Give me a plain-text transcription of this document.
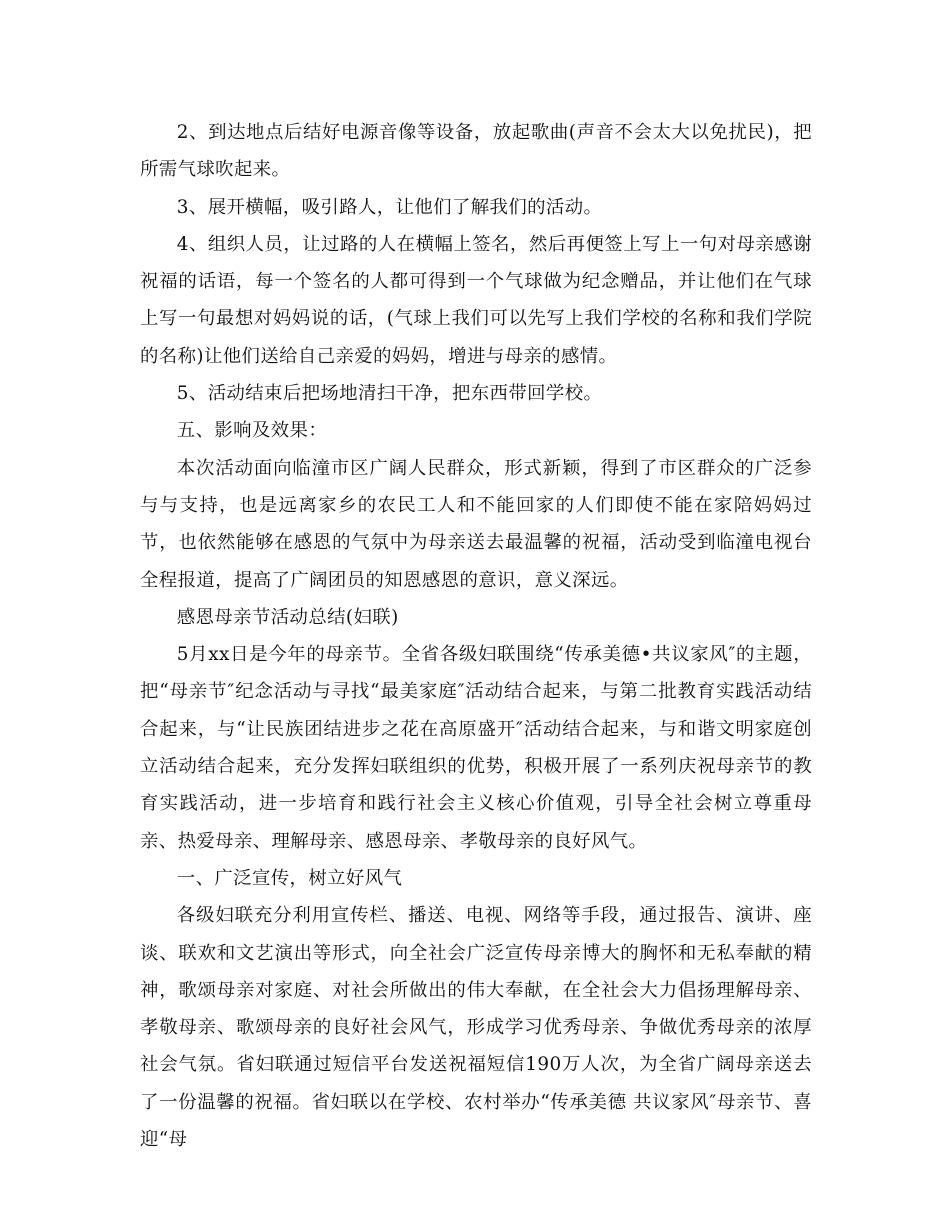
2、到达地点后结好电源音像等设备，放起歌曲(声音不会太大以免扰民)，把所需气球吹起来。

3、展开横幅，吸引路人，让他们了解我们的活动。

4、组织人员，让过路的人在横幅上签名，然后再便签上写上一句对母亲感谢祝福的话语，每一个签名的人都可得到一个气球做为纪念赠品，并让他们在气球上写一句最想对妈妈说的话，(气球上我们可以先写上我们学校的名称和我们学院的名称)让他们送给自己亲爱的妈妈，增进与母亲的感情。

5、活动结束后把场地清扫干净，把东西带回学校。

五、影响及效果：

本次活动面向临潼市区广阔人民群众，形式新颖，得到了市区群众的广泛参与与支持，也是远离家乡的农民工人和不能回家的人们即使不能在家陪妈妈过节，也依然能够在感恩的气氛中为母亲送去最温馨的祝福，活动受到临潼电视台全程报道，提高了广阔团员的知恩感恩的意识，意义深远。

感恩母亲节活动总结(妇联)

5月xx日是今年的母亲节。全省各级妇联围绕“传承美德•共议家风″的主题，把“母亲节″纪念活动与寻找“最美家庭″活动结合起来，与第二批教育实践活动结合起来，与“让民族团结进步之花在高原盛开″活动结合起来，与和谐文明家庭创立活动结合起来，充分发挥妇联组织的优势，积极开展了一系列庆祝母亲节的教育实践活动，进一步培育和践行社会主义核心价值观，引导全社会树立尊重母亲、热爱母亲、理解母亲、感恩母亲、孝敬母亲的良好风气。

一、广泛宣传，树立好风气

各级妇联充分利用宣传栏、播送、电视、网络等手段，通过报告、演讲、座谈、联欢和文艺演出等形式，向全社会广泛宣传母亲博大的胸怀和无私奉献的精神，歌颂母亲对家庭、对社会所做出的伟大奉献，在全社会大力倡扬理解母亲、孝敬母亲、歌颂母亲的良好社会风气，形成学习优秀母亲、争做优秀母亲的浓厚社会气氛。省妇联通过短信平台发送祝福短信190万人次，为全省广阔母亲送去了一份温馨的祝福。省妇联以在学校、农村举办“传承美德 共议家风″母亲节、喜迎“母
